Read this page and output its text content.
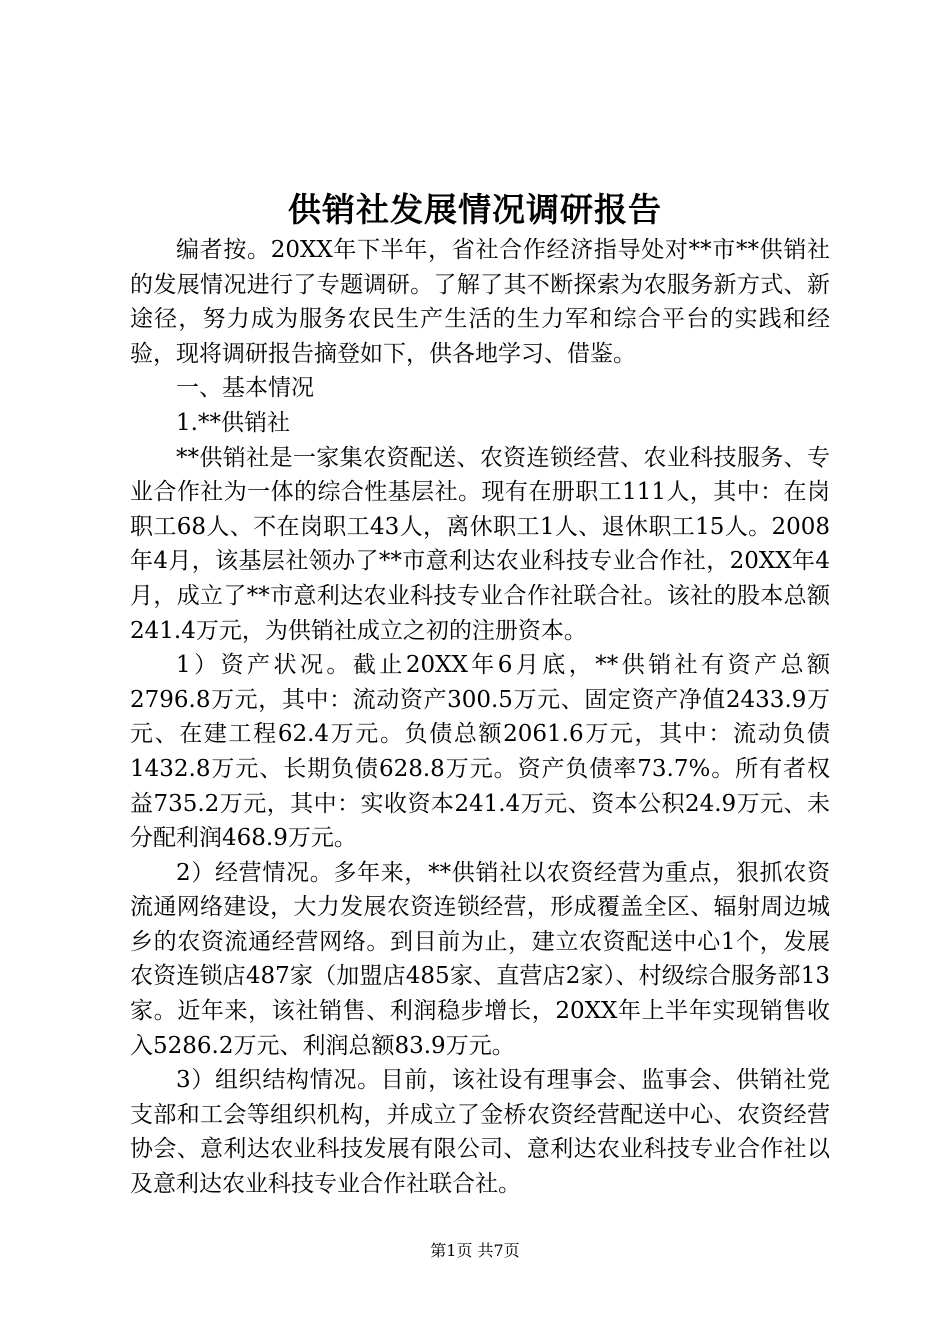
供销社发展情况调研报告

编者按。20XX年下半年，省社合作经济指导处对**市**供销社的发展情况进行了专题调研。了解了其不断探索为农服务新方式、新途径，努力成为服务农民生产生活的生力军和综合平台的实践和经验，现将调研报告摘登如下，供各地学习、借鉴。

一、基本情况

1.**供销社

**供销社是一家集农资配送、农资连锁经营、农业科技服务、专业合作社为一体的综合性基层社。现有在册职工111人，其中：在岗职工68人、不在岗职工43人，离休职工1人、退休职工15人。2008年4月，该基层社领办了**市意利达农业科技专业合作社，20XX年4月，成立了**市意利达农业科技专业合作社联合社。该社的股本总额241.4万元，为供销社成立之初的注册资本。

1）资产状况。截止20XX年6月底，**供销社有资产总额2796.8万元，其中：流动资产300.5万元、固定资产净值2433.9万元、在建工程62.4万元。负债总额2061.6万元，其中：流动负债1432.8万元、长期负债628.8万元。资产负债率73.7%。所有者权益735.2万元，其中：实收资本241.4万元、资本公积24.9万元、未分配利润468.9万元。

2）经营情况。多年来，**供销社以农资经营为重点，狠抓农资流通网络建设，大力发展农资连锁经营，形成覆盖全区、辐射周边城乡的农资流通经营网络。到目前为止，建立农资配送中心1个，发展农资连锁店487家（加盟店485家、直营店2家）、村级综合服务部13家。近年来，该社销售、利润稳步增长，20XX年上半年实现销售收入5286.2万元、利润总额83.9万元。

3）组织结构情况。目前，该社设有理事会、监事会、供销社党支部和工会等组织机构，并成立了金桥农资经营配送中心、农资经营协会、意利达农业科技发展有限公司、意利达农业科技专业合作社以及意利达农业科技专业合作社联合社。

第1页 共7页
